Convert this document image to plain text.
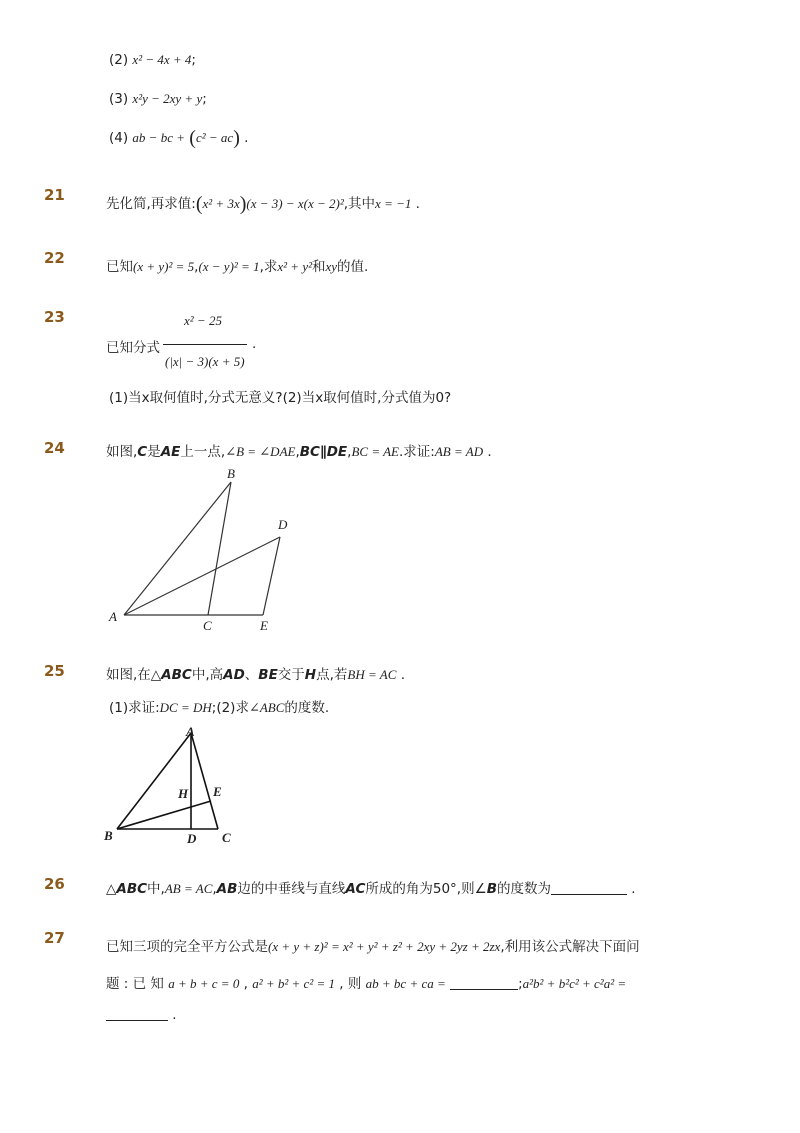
(2) x² − 4x + 4;
(3) x²y − 2xy + y;
(4) ab − bc + (c² − ac) .
21	先化简,再求值:(x² + 3x)(x − 3) − x(x − 2)²,其中x = −1 .
22	已知(x + y)² = 5,(x − y)² = 1,求x² + y²和xy的值.
23	x² − 25
已知分式	.
(|x| − 3)(x + 5)
(1)当x取何值时,分式无意义?(2)当x取何值时,分式值为0?
24	如图,C是AE上一点,∠B = ∠DAE,BC∥DE,BC = AE.求证:AB = AD .
A
B
C
D
E
25	如图,在△ABC中,高AD、BE交于H点,若BH = AC .
(1)求证:DC = DH;(2)求∠ABC的度数.
A
B	C
D
E
H
26	△ABC中,AB = AC,AB边的中垂线与直线AC所成的角为50°,则∠B的度数为	.
27	已知三项的完全平方公式是(x + y + z)² = x² + y² + z² + 2xy + 2yz + 2zx,利用该公式解决下面问
题 : 已 知 a + b + c = 0 , a² + b² + c² = 1 , 则 ab + bc + ca =	;a²b² + b²c² + c²a² =
.
